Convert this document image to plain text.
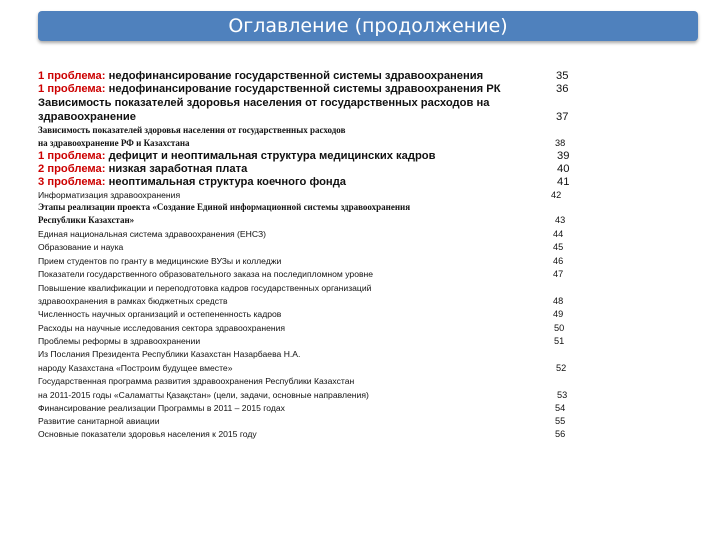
Оглавление (продолжение)
1 проблема: недофинансирование государственной системы здравоохранения	35
1 проблема: недофинансирование государственной системы здравоохранения РК	36
Зависимость показателей здоровья населения от государственных расходов на
здравоохранение	37
Зависимость показателей здоровья населения от государственных расходов
на здравоохранение РФ и Казахстана	38
1 проблема: дефицит и неоптимальная структура медицинских кадров	39
2 проблема: низкая заработная плата	40
3 проблема: неоптимальная структура коечного фонда	41
Информатизация здравоохранения	42
Этапы реализации проекта «Создание Единой информационной системы здравоохранения
Республики Казахстан»	43
Единая национальная система здравоохранения (ЕНСЗ)	44
Образование и наука	45
Прием студентов по гранту в медицинские ВУЗы и колледжи	46
Показатели государственного образовательного заказа на последипломном уровне	47
Повышение квалификации и переподготовка кадров государственных организаций
здравоохранения в рамках бюджетных средств	48
Численность научных организаций и остепененность кадров	49
Расходы на научные исследования сектора здравоохранения	50
Проблемы реформы в здравоохранении	51
Из Послания Президента Республики Казахстан Назарбаева Н.А.
народу Казахстана «Построим будущее вместе»	52
Государственная программа развития здравоохранения Республики Казахстан
на 2011-2015 годы «Саламатты Қазақстан» (цели, задачи, основные направления)	53
Финансирование реализации Программы в 2011 – 2015 годах	54
Развитие санитарной авиации	55
Основные показатели здоровья населения к 2015 году	56
